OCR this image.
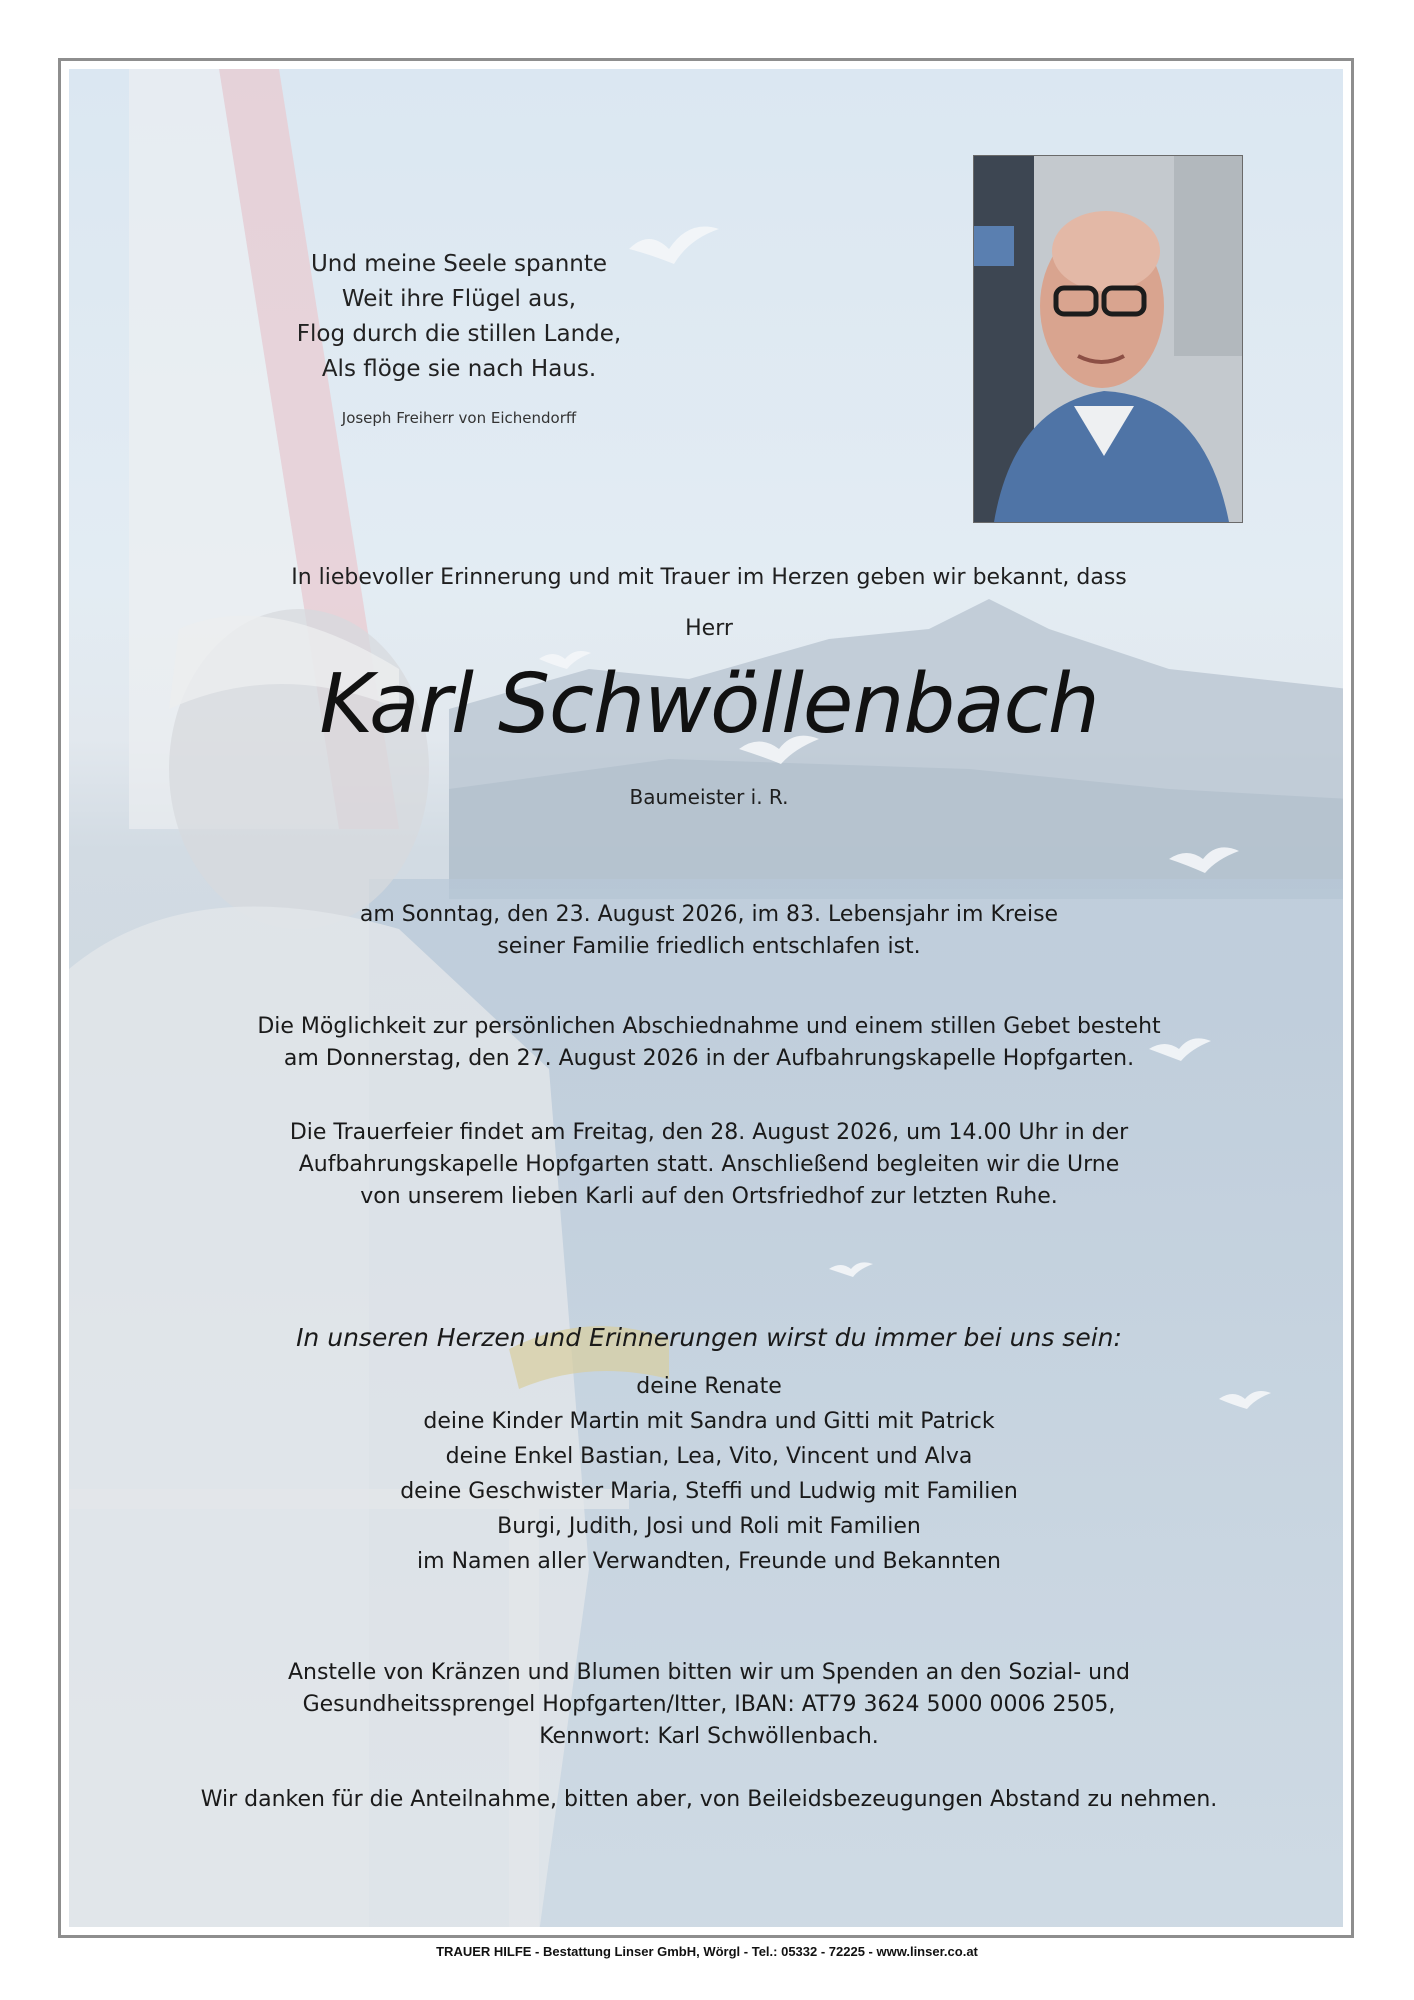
Und meine Seele spannte
Weit ihre Flügel aus,
Flog durch die stillen Lande,
Als flöge sie nach Haus.
Joseph Freiherr von Eichendorff
In liebevoller Erinnerung und mit Trauer im Herzen geben wir bekannt, dass
Herr
Karl Schwöllenbach
Baumeister i. R.
am Sonntag, den 23. August 2026, im 83. Lebensjahr im Kreise
seiner Familie friedlich entschlafen ist.
Die Möglichkeit zur persönlichen Abschiednahme und einem stillen Gebet besteht
am Donnerstag, den 27. August 2026 in der Aufbahrungskapelle Hopfgarten.
Die Trauerfeier findet am Freitag, den 28. August 2026, um 14.00 Uhr in der
Aufbahrungskapelle Hopfgarten statt. Anschließend begleiten wir die Urne
von unserem lieben Karli auf den Ortsfriedhof zur letzten Ruhe.
In unseren Herzen und Erinnerungen wirst du immer bei uns sein:
deine Renate
deine Kinder Martin mit Sandra und Gitti mit Patrick
deine Enkel Bastian, Lea, Vito, Vincent und Alva
deine Geschwister Maria, Steffi und Ludwig mit Familien
Burgi, Judith, Josi und Roli mit Familien
im Namen aller Verwandten, Freunde und Bekannten
Anstelle von Kränzen und Blumen bitten wir um Spenden an den Sozial- und
Gesundheitssprengel Hopfgarten/Itter, IBAN: AT79 3624 5000 0006 2505,
Kennwort: Karl Schwöllenbach.
Wir danken für die Anteilnahme, bitten aber, von Beileidsbezeugungen Abstand zu nehmen.
TRAUER HILFE - Bestattung Linser GmbH, Wörgl - Tel.: 05332 - 72225 - www.linser.co.at
